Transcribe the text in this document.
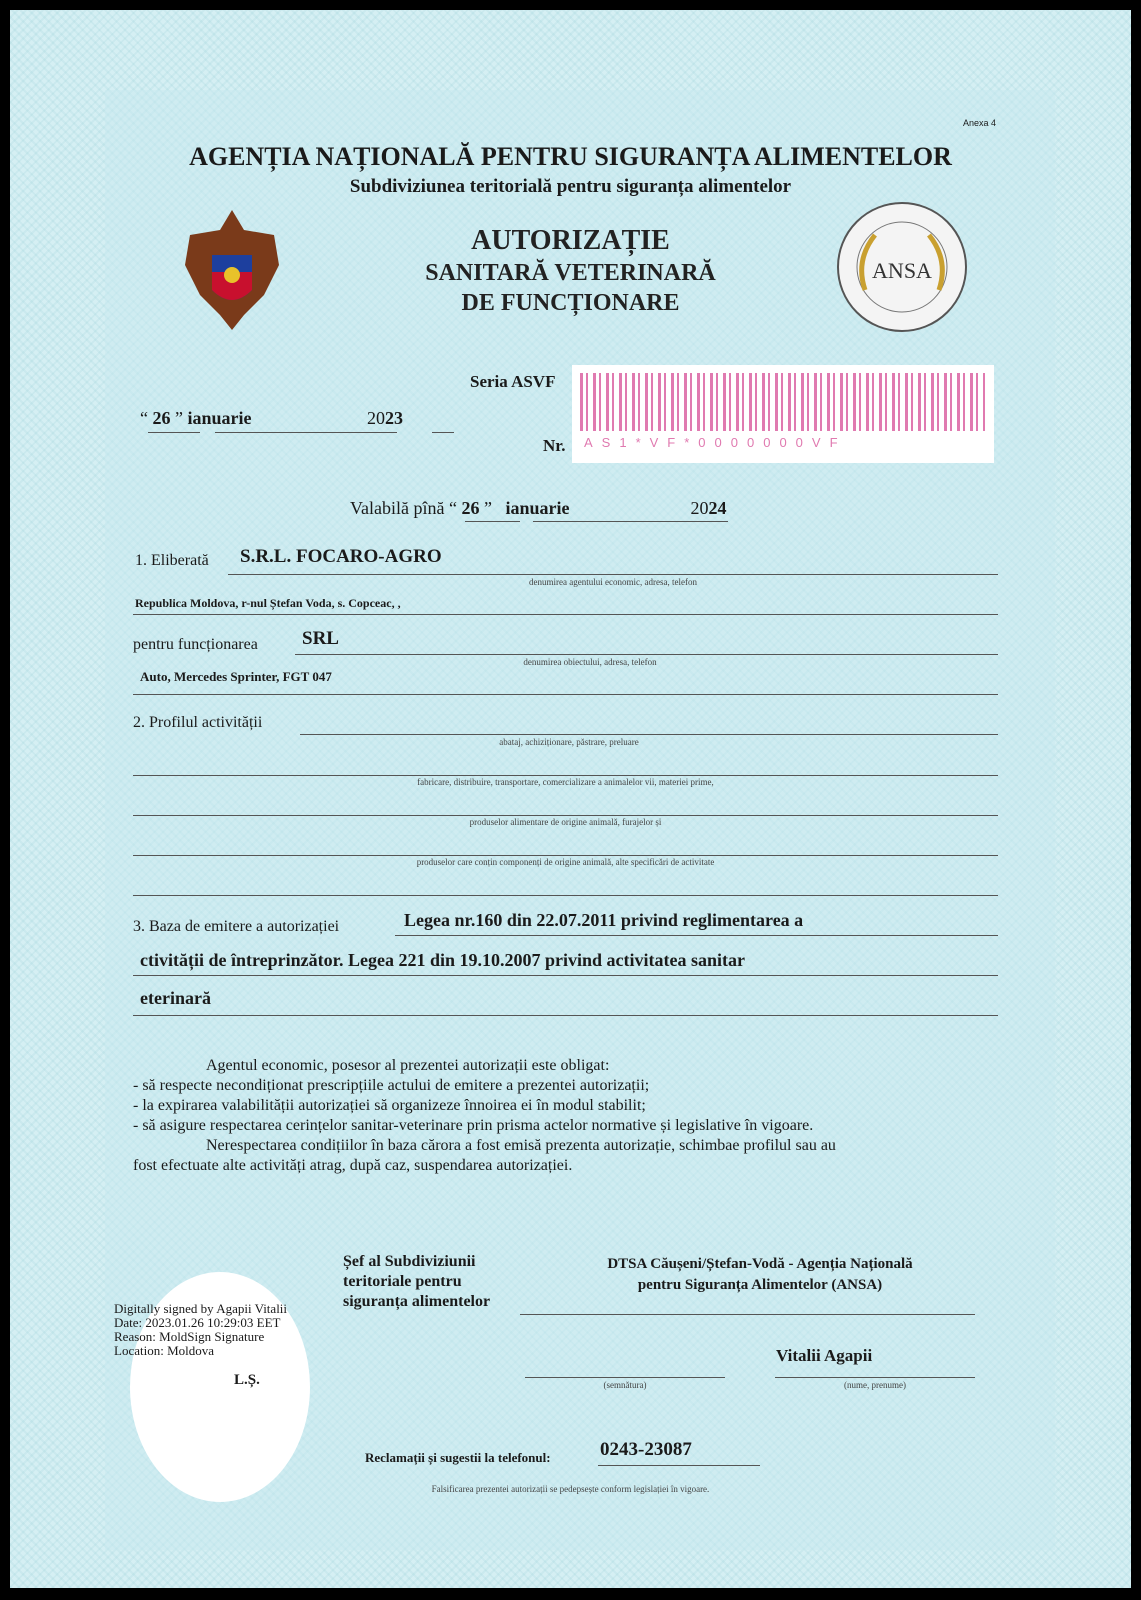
Anexa 4
AGENȚIA NAȚIONALĂ PENTRU SIGURANȚA ALIMENTELOR
Subdiviziunea teritorială pentru siguranța alimentelor
AUTORIZAȚIE
SANITARĂ VETERINARĂ
DE FUNCȚIONARE
ANSA
Seria ASVF
Nr. AS1*VF*0000000VF
“ 26 ” ianuarie	2023
Valabilă pînă “ 26 ”   ianuarie	2024
1. Eliberată S.R.L. FOCARO-AGRO
denumirea agentului economic, adresa, telefon
Republica Moldova, r-nul Ștefan Voda, s. Copceac, ,
pentru funcționarea SRL
denumirea obiectului, adresa, telefon
Auto, Mercedes Sprinter, FGT 047
2. Profilul activității
abataj, achiziționare, păstrare, preluare
fabricare, distribuire, transportare, comercializare a animalelor vii, materiei prime,
produselor alimentare de origine animală, furajelor și
produselor care conțin componenți de origine animală, alte specificări de activitate
3. Baza de emitere a autorizației	Legea nr.160 din 22.07.2011 privind reglimentarea a
ctivității de întreprinzător. Legea 221 din 19.10.2007 privind activitatea sanitar
eterinară
Agentul economic, posesor al prezentei autorizații este obligat:
- să respecte necondiționat prescripțiile actului de emitere a prezentei autorizații;
- la expirarea valabilității autorizației să organizeze înnoirea ei în modul stabilit;
- să asigure respectarea cerințelor sanitar-veterinare prin prisma actelor normative și legislative în vigoare.
Nerespectarea condițiilor în baza cărora a fost emisă prezenta autorizație, schimbae profilul sau au
fost efectuate alte activități atrag, după caz, suspendarea autorizației.
Șef al Subdiviziunii
teritoriale pentru
siguranța alimentelor
DTSA Căușeni/Ștefan-Vodă - Agenția Națională
pentru Siguranța Alimentelor (ANSA)
Digitally signed by Agapii Vitalii
Date: 2023.01.26 10:29:03 EET
Reason: MoldSign Signature
Location: Moldova
L.Ș.	(semnătura)
Vitalii Agapii
(nume, prenume)
Reclamații și sugestii la telefonul:	0243-23087
Falsificarea prezentei autorizații se pedepsește conform legislației în vigoare.
